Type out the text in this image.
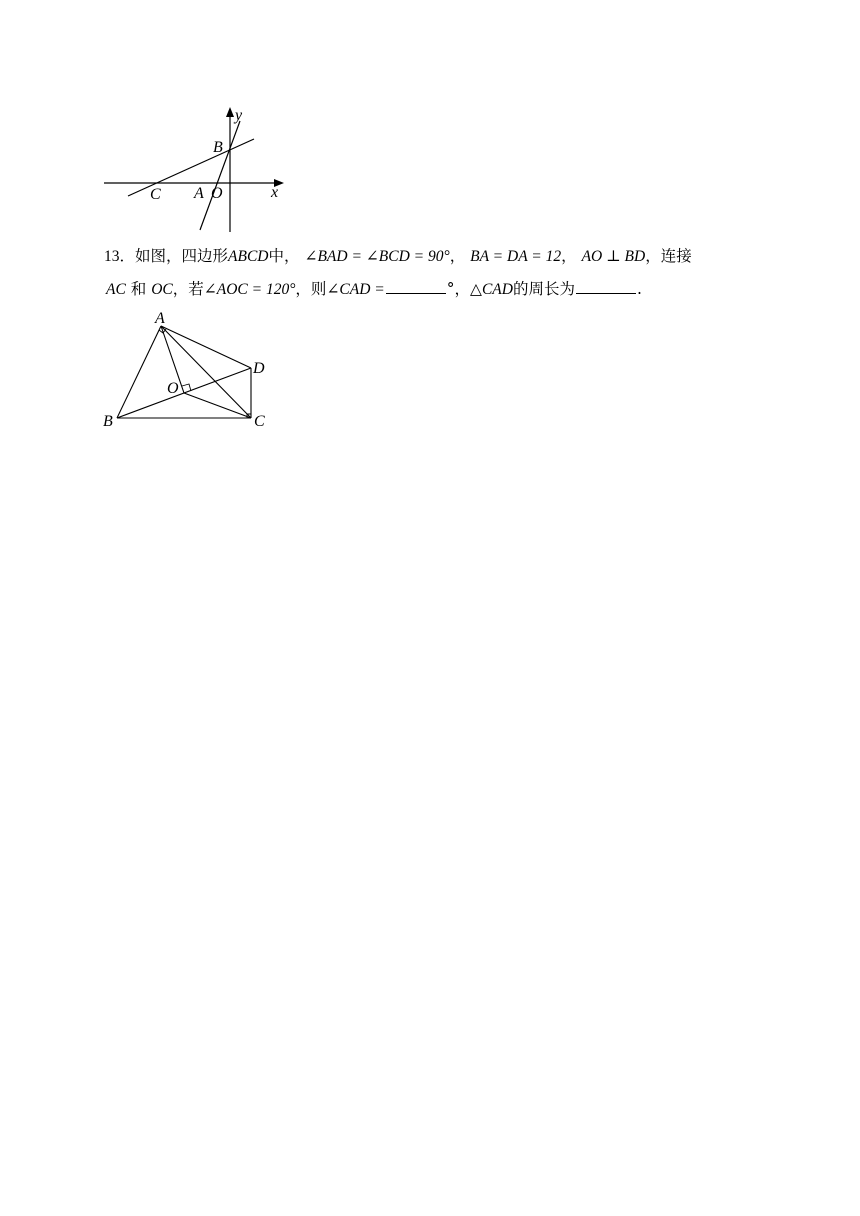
y
x
B
C A O
13．如图，四边形ABCD中， ∠BAD = ∠BCD = 90°， BA = DA = 12， AO ⊥ BD，连接
AC 和 OC，若∠AOC = 120°，则∠CAD =	°，△CAD的周长为	.
A
D
O
B	C
